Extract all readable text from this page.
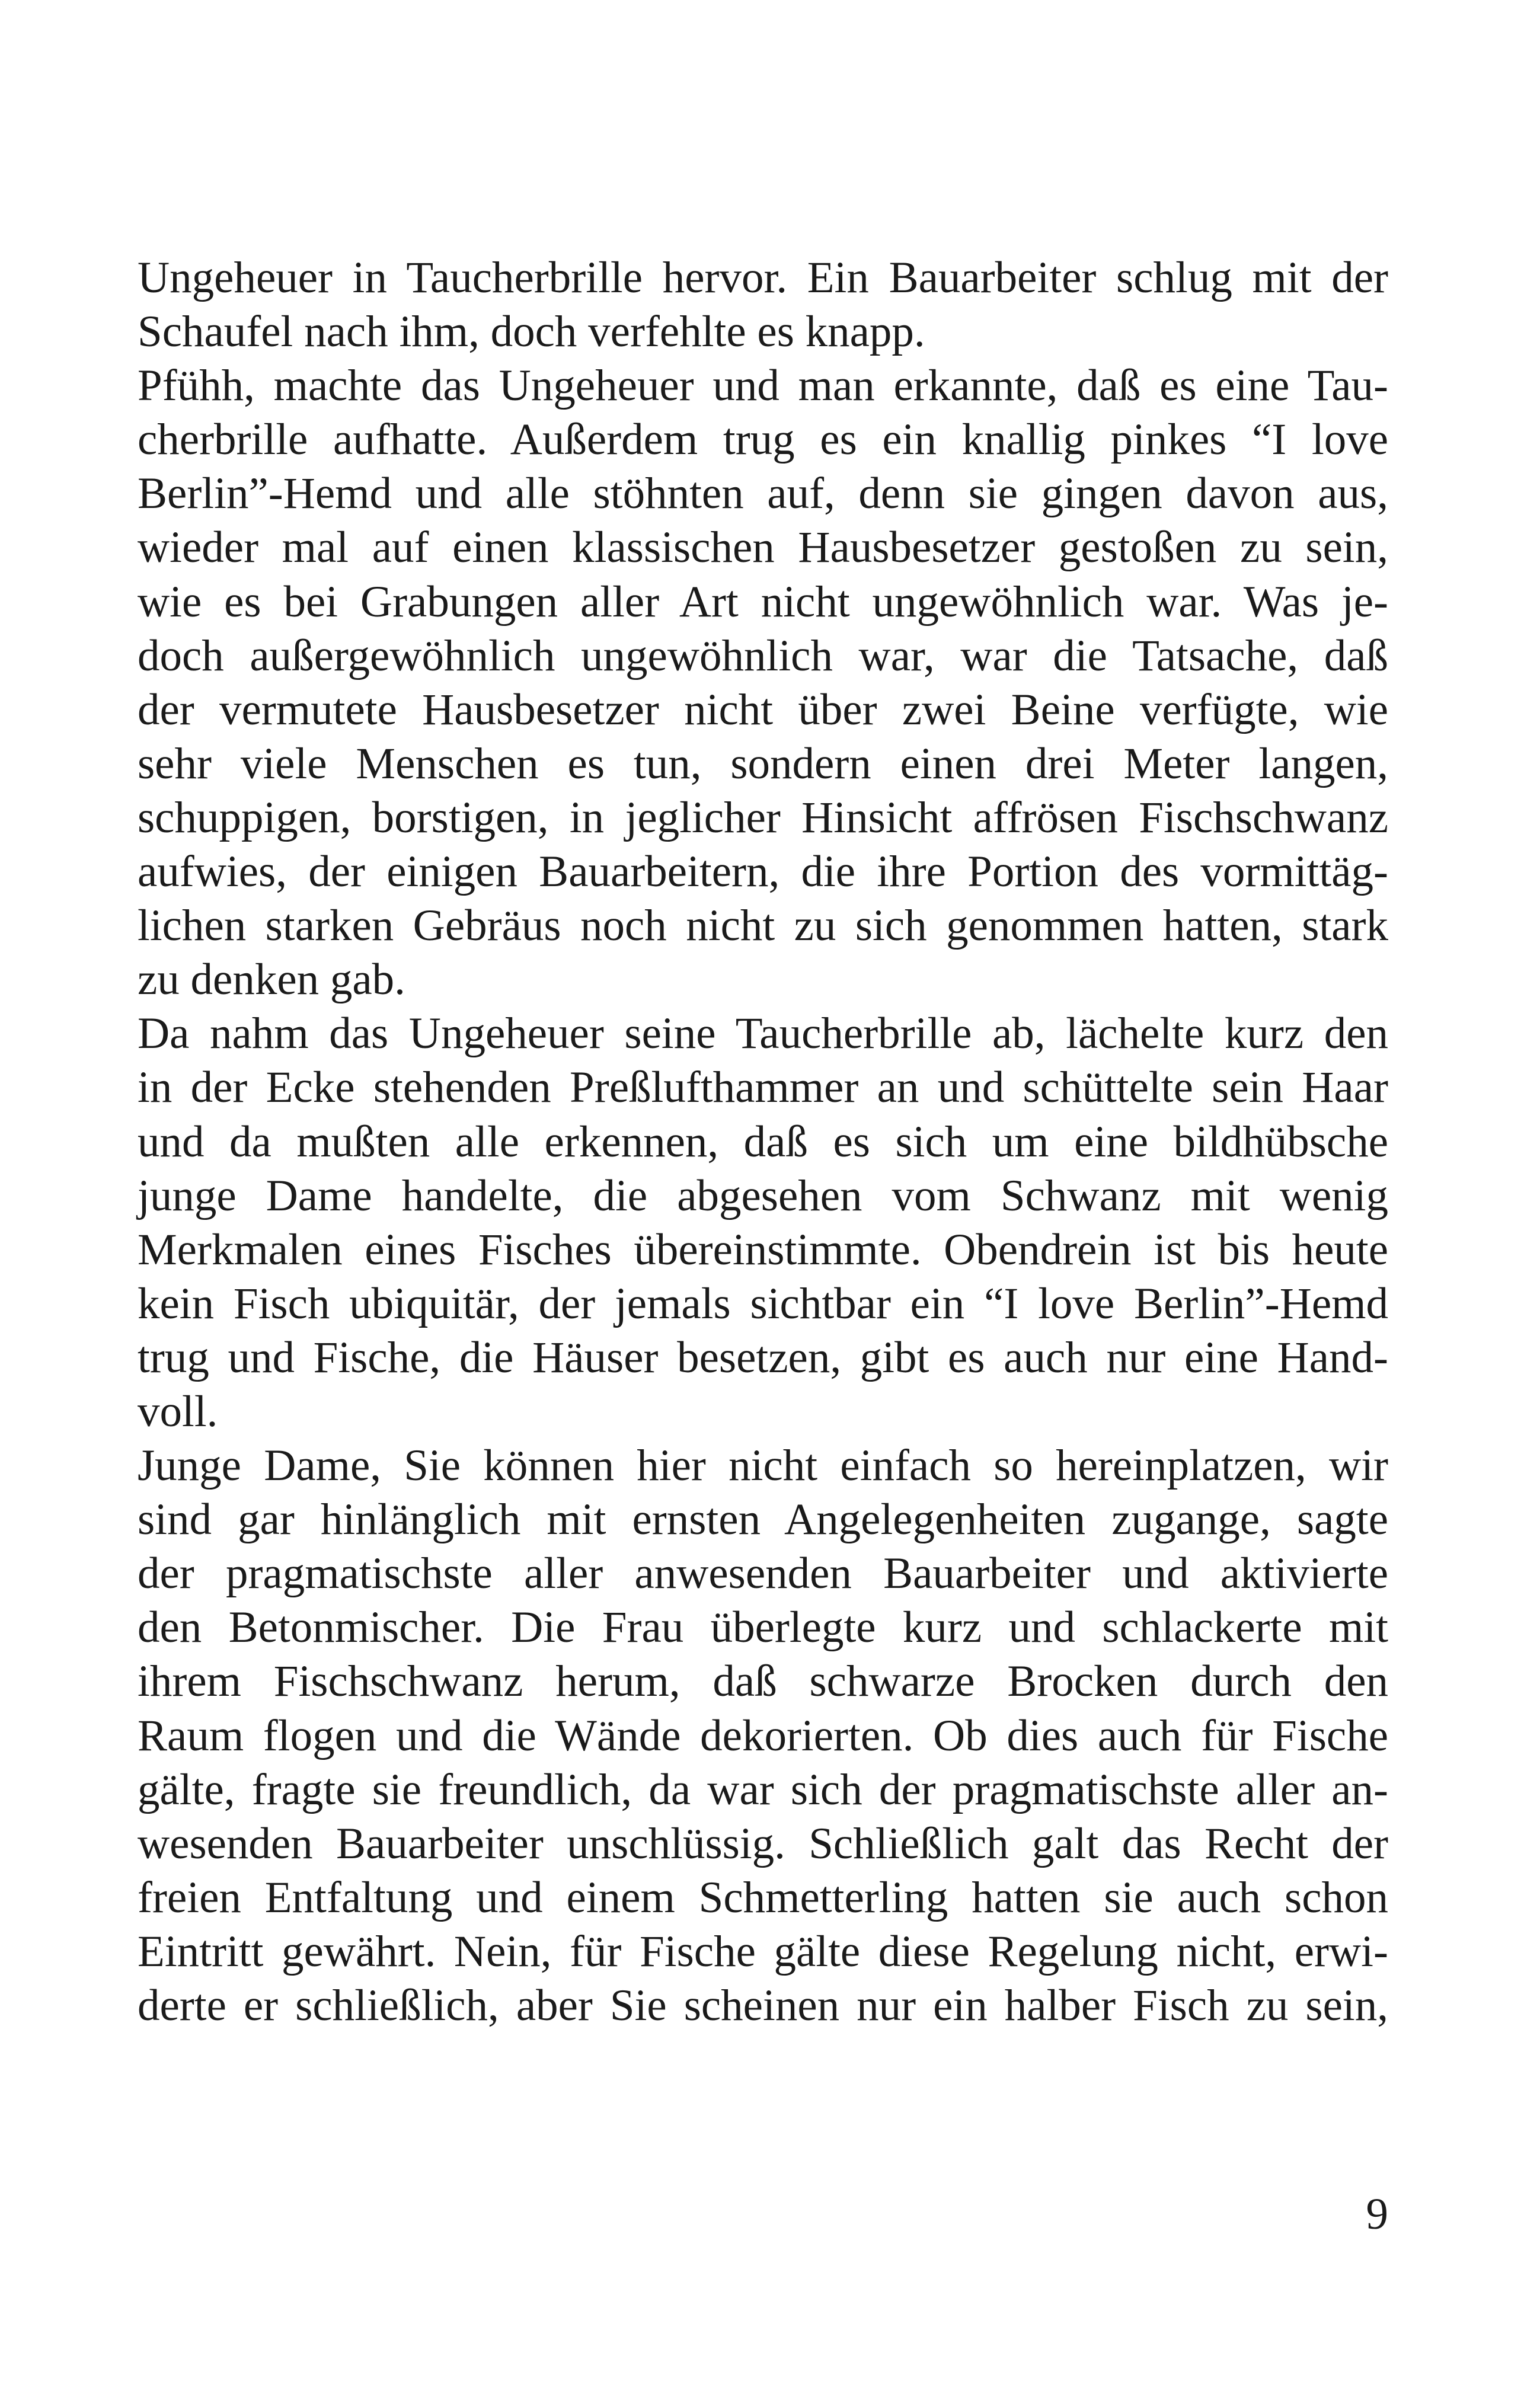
Ungeheuer in Taucherbrille hervor. Ein Bauarbeiter schlug mit der
Schaufel nach ihm, doch verfehlte es knapp.
Pfühh, machte das Ungeheuer und man erkannte, daß es eine Tau-
cherbrille aufhatte. Außerdem trug es ein knallig pinkes “I love
Berlin”-Hemd und alle stöhnten auf, denn sie gingen davon aus,
wieder mal auf einen klassischen Hausbesetzer gestoßen zu sein,
wie es bei Grabungen aller Art nicht ungewöhnlich war. Was je-
doch außergewöhnlich ungewöhnlich war, war die Tatsache, daß
der vermutete Hausbesetzer nicht über zwei Beine verfügte, wie
sehr viele Menschen es tun, sondern einen drei Meter langen,
schuppigen, borstigen, in jeglicher Hinsicht affrösen Fischschwanz
aufwies, der einigen Bauarbeitern, die ihre Portion des vormittäg-
lichen starken Gebräus noch nicht zu sich genommen hatten, stark
zu denken gab.
Da nahm das Ungeheuer seine Taucherbrille ab, lächelte kurz den
in der Ecke stehenden Preßlufthammer an und schüttelte sein Haar
und da mußten alle erkennen, daß es sich um eine bildhübsche
junge Dame handelte, die abgesehen vom Schwanz mit wenig
Merkmalen eines Fisches übereinstimmte. Obendrein ist bis heute
kein Fisch ubiquitär, der jemals sichtbar ein “I love Berlin”-Hemd
trug und Fische, die Häuser besetzen, gibt es auch nur eine Hand-
voll.
Junge Dame, Sie können hier nicht einfach so hereinplatzen, wir
sind gar hinlänglich mit ernsten Angelegenheiten zugange, sagte
der pragmatischste aller anwesenden Bauarbeiter und aktivierte
den Betonmischer. Die Frau überlegte kurz und schlackerte mit
ihrem Fischschwanz herum, daß schwarze Brocken durch den
Raum flogen und die Wände dekorierten. Ob dies auch für Fische
gälte, fragte sie freundlich, da war sich der pragmatischste aller an-
wesenden Bauarbeiter unschlüssig. Schließlich galt das Recht der
freien Entfaltung und einem Schmetterling hatten sie auch schon
Eintritt gewährt. Nein, für Fische gälte diese Regelung nicht, erwi-
derte er schließlich, aber Sie scheinen nur ein halber Fisch zu sein,
9
